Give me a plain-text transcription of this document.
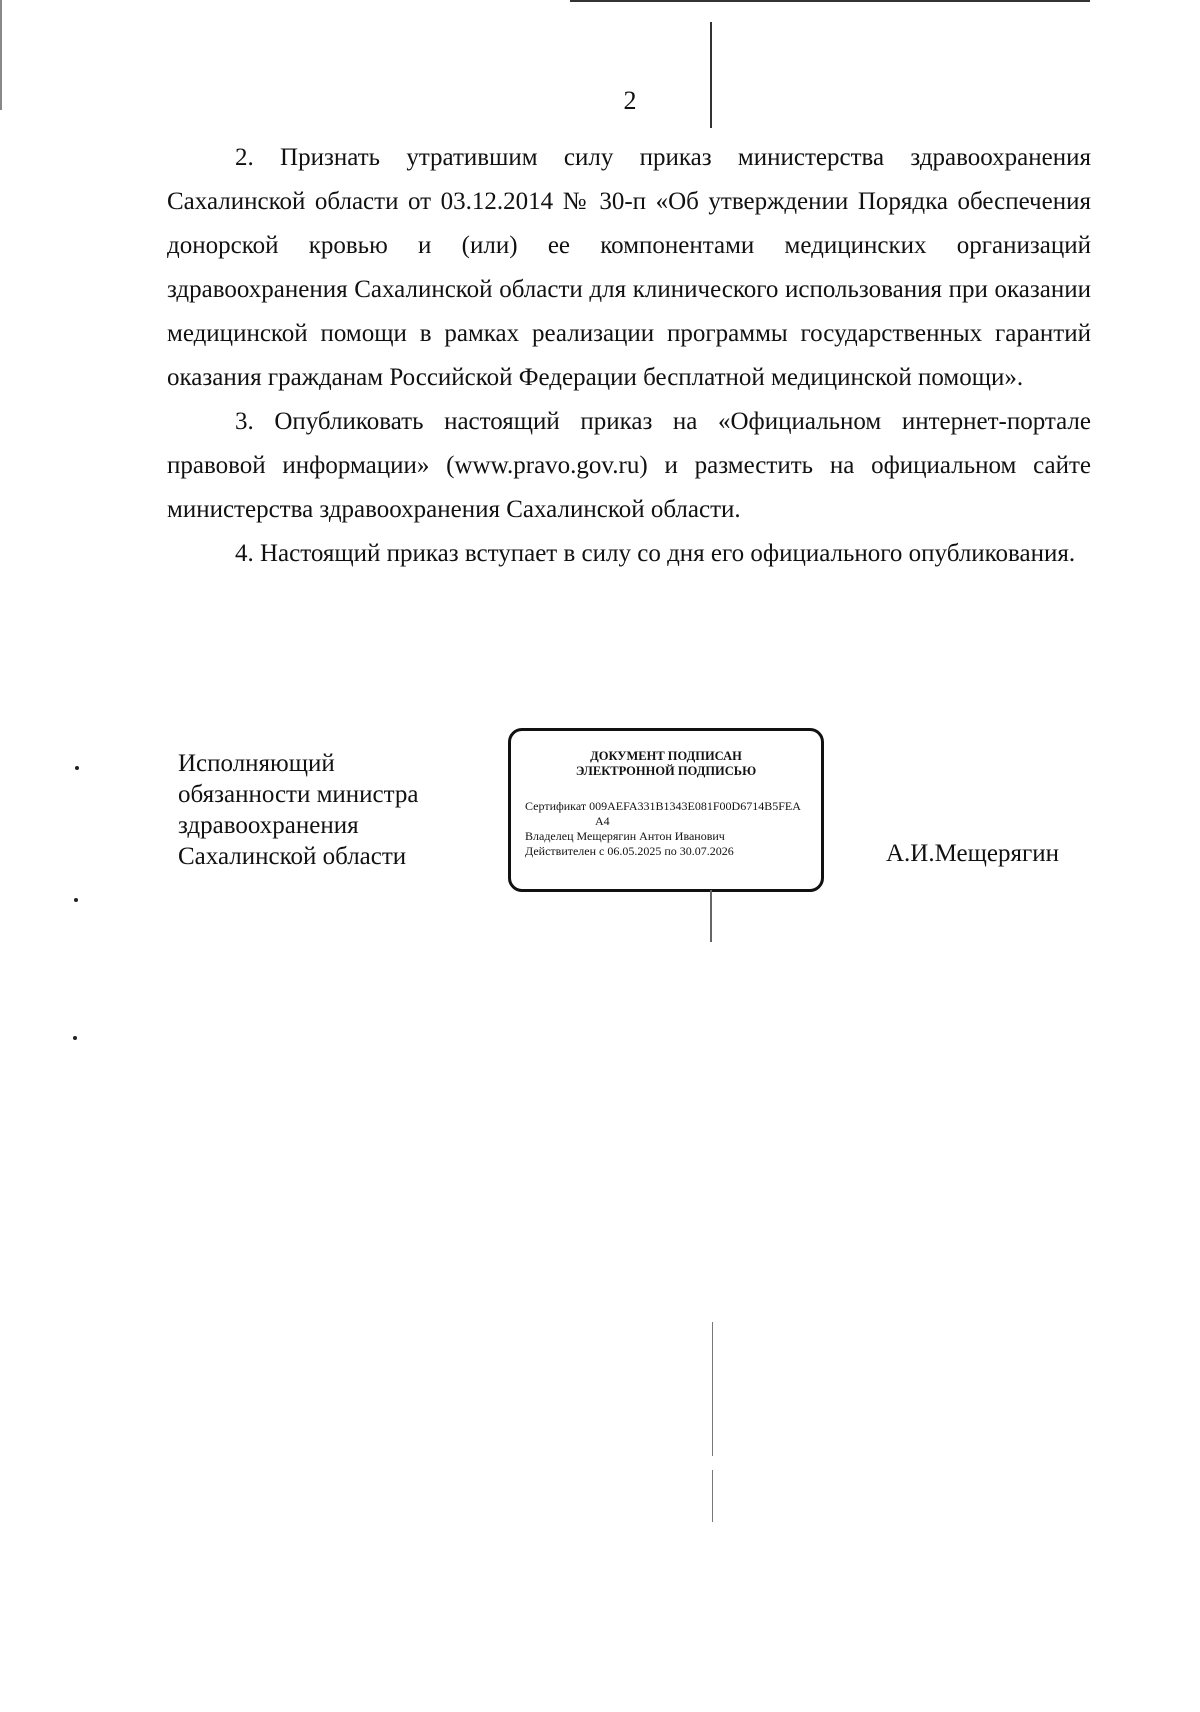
2

2. Признать утратившим силу приказ министерства здравоохранения Сахалинской области от 03.12.2014 № 30-п «Об утверждении Порядка обеспечения донорской кровью и (или) ее компонентами медицинских организаций здравоохранения Сахалинской области для клинического использования при оказании медицинской помощи в рамках реализации программы государственных гарантий оказания гражданам Российской Федерации бесплатной медицинской помощи».

3. Опубликовать настоящий приказ на «Официальном интернет-портале правовой информации» (www.pravo.gov.ru) и разместить на официальном сайте министерства здравоохранения Сахалинской области.

4. Настоящий приказ вступает в силу со дня его официального опубликования.

Исполняющий
обязанности министра
здравоохранения
Сахалинской области
ДОКУМЕНТ ПОДПИСАН
ЭЛЕКТРОННОЙ ПОДПИСЬЮ
Сертификат 009AEFA331B1343E081F00D6714B5FEA
A4
Владелец Мещерягин Антон Иванович
Действителен с 06.05.2025 по 30.07.2026	А.И.Мещерягин
